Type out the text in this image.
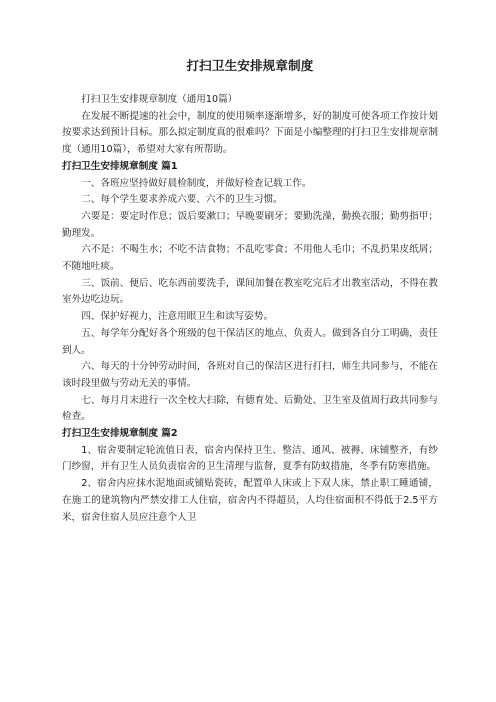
打扫卫生安排规章制度
打扫卫生安排规章制度（通用10篇）
在发展不断提速的社会中，制度的使用频率逐渐增多，好的制度可使各项工作按计划按要求达到预计目标。那么拟定制度真的很难吗？下面是小编整理的打扫卫生安排规章制度（通用10篇），希望对大家有所帮助。
打扫卫生安排规章制度 篇1
一、各班应坚持做好晨检制度，并做好检查记载工作。
二、每个学生要求养成六要、六不的卫生习惯。
六要是：要定时作息；饭后要漱口；早晚要刷牙；要勤洗澡，勤换衣服；勤剪指甲；勤理发。
六不是：不喝生水；不吃不洁食物；不乱吃零食；不用他人毛巾；不乱扔果皮纸屑；不随地吐痰。
三、饭前、便后、吃东西前要洗手，课间加餐在教室吃完后才出教室活动，不得在教室外边吃边玩。
四、保护好视力，注意用眼卫生和读写姿势。
五、每学年分配好各个班级的包干保洁区的地点、负责人。做到各自分工明确，责任到人。
六、每天的十分钟劳动时间，各班对自己的保洁区进行打扫，师生共同参与，不能在该时段里做与劳动无关的事情。
七、每月月末进行一次全校大扫除，有德育处、后勤处、卫生室及值周行政共同参与检查。
打扫卫生安排规章制度 篇2
1、宿舍要制定轮流值日表，宿舍内保持卫生、整洁、通风、被褥、床铺整齐，有纱门纱窗，并有卫生人员负责宿舍的卫生清理与监督，夏季有防蚊措施，冬季有防寒措施。
2、宿舍内应抹水泥地面或铺贴瓷砖，配置单人床或上下双人床，禁止职工睡通铺，在施工的建筑物内严禁安排工人住宿，宿舍内不得超员，人均住宿面积不得低于2.5平方米，宿舍住宿人员应注意个人卫
